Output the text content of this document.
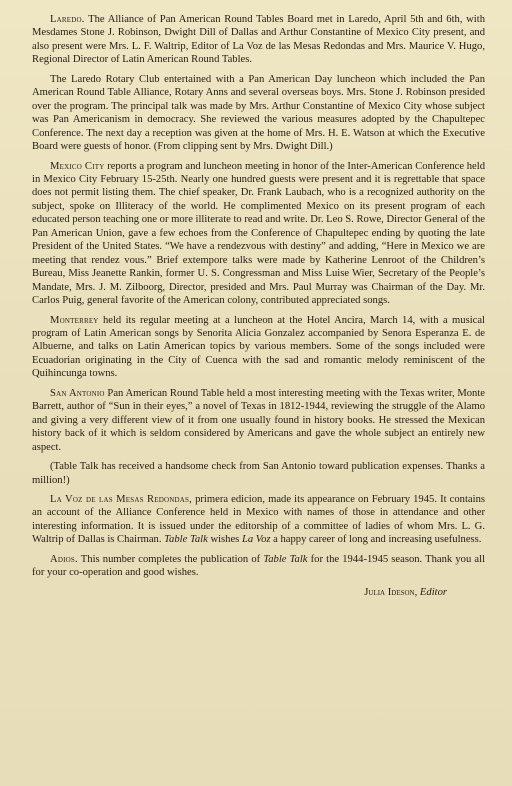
Laredo. The Alliance of Pan American Round Tables Board met in Laredo, April 5th and 6th, with Mesdames Stone J. Robinson, Dwight Dill of Dallas and Arthur Constantine of Mexico City present, and also present were Mrs. L. F. Waltrip, Editor of La Voz de las Mesas Redondas and Mrs. Maurice V. Hugo, Regional Director of Latin American Round Tables.

The Laredo Rotary Club entertained with a Pan American Day luncheon which included the Pan American Round Table Alliance, Rotary Anns and several overseas boys. Mrs. Stone J. Robinson presided over the program. The principal talk was made by Mrs. Arthur Constantine of Mexico City whose subject was Pan Americanism in democracy. She reviewed the various measures adopted by the Chapultepec Conference. The next day a reception was given at the home of Mrs. H. E. Watson at which the Executive Board were guests of honor. (From clipping sent by Mrs. Dwight Dill.)

Mexico City reports a program and luncheon meeting in honor of the Inter-American Conference held in Mexico City February 15-25th. Nearly one hundred guests were present and it is regrettable that space does not permit listing them. The chief speaker, Dr. Frank Laubach, who is a recognized authority on the subject, spoke on Illiteracy of the world. He complimented Mexico on its present program of each educated person teaching one or more illiterate to read and write. Dr. Leo S. Rowe, Director General of the Pan American Union, gave a few echoes from the Conference of Chapultepec ending by quoting the late President of the United States. “We have a rendezvous with destiny” and adding, “Here in Mexico we are meeting that rendez vous.” Brief extempore talks were made by Katherine Lenroot of the Children’s Bureau, Miss Jeanette Rankin, former U. S. Congressman and Miss Luise Wier, Secretary of the People’s Mandate, Mrs. J. M. Zilboorg, Director, presided and Mrs. Paul Murray was Chairman of the Day. Mr. Carlos Puig, general favorite of the American colony, contributed appreciated songs.

Monterrey held its regular meeting at a luncheon at the Hotel Ancira, March 14, with a musical program of Latin American songs by Senorita Alicia Gonzalez accompanied by Senora Esperanza E. de Albuerne, and talks on Latin American topics by various members. Some of the songs included were Ecuadorian originating in the City of Cuenca with the sad and romantic melody reminiscent of the Quihincunga towns.

San Antonio Pan American Round Table held a most interesting meeting with the Texas writer, Monte Barrett, author of “Sun in their eyes,” a novel of Texas in 1812-1944, reviewing the struggle of the Alamo and giving a very different view of it from one usually found in history books. He stressed the Mexican history back of it which is seldom considered by Americans and gave the whole subject an entirely new aspect.

(Table Talk has received a handsome check from San Antonio toward publication expenses. Thanks a million!)

La Voz de las Mesas Redondas, primera edicion, made its appearance on February 1945. It contains an account of the Alliance Conference held in Mexico with names of those in attendance and other interesting information. It is issued under the editorship of a committee of ladies of whom Mrs. L. G. Waltrip of Dallas is Chairman. Table Talk wishes La Voz a happy career of long and increasing usefulness.

Adios. This number completes the publication of Table Talk for the 1944-1945 season. Thank you all for your co-operation and good wishes.

Julia Ideson, Editor
